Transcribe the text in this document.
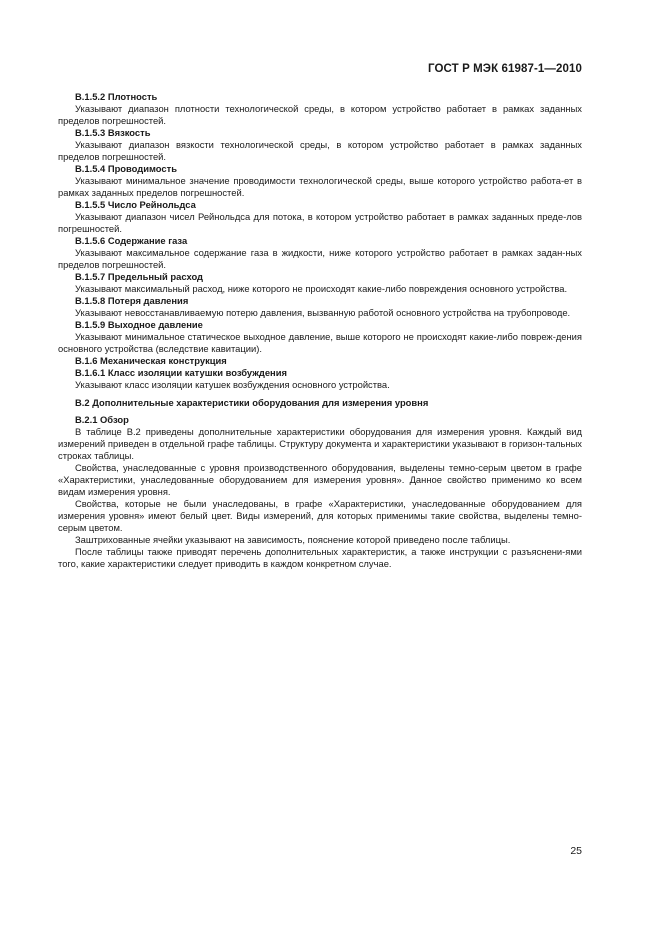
ГОСТ Р МЭК 61987-1—2010

B.1.5.2 Плотность

Указывают диапазон плотности технологической среды, в котором устройство работает в рамках заданных пределов погрешностей.

B.1.5.3 Вязкость

Указывают диапазон вязкости технологической среды, в котором устройство работает в рамках заданных пределов погрешностей.

B.1.5.4 Проводимость

Указывают минимальное значение проводимости технологической среды, выше которого устройство работа-ет в рамках заданных пределов погрешностей.

B.1.5.5 Число Рейнольдса

Указывают диапазон чисел Рейнольдса для потока, в котором устройство работает в рамках заданных преде-лов погрешностей.

B.1.5.6 Содержание газа

Указывают максимальное содержание газа в жидкости, ниже которого устройство работает в рамках задан-ных пределов погрешностей.

B.1.5.7 Предельный расход

Указывают максимальный расход, ниже которого не происходят какие-либо повреждения основного устройства.

B.1.5.8 Потеря давления

Указывают невосстанавливаемую потерю давления, вызванную работой основного устройства на трубопроводе.

B.1.5.9 Выходное давление

Указывают минимальное статическое выходное давление, выше которого не происходят какие-либо повреж-дения основного устройства (вследствие кавитации).

B.1.6 Механическая конструкция

B.1.6.1 Класс изоляции катушки возбуждения

Указывают класс изоляции катушек возбуждения основного устройства.

B.2 Дополнительные характеристики оборудования для измерения уровня

B.2.1 Обзор

В таблице B.2 приведены дополнительные характеристики оборудования для измерения уровня. Каждый вид измерений приведен в отдельной графе таблицы. Структуру документа и характеристики указывают в горизон-тальных строках таблицы.

Свойства, унаследованные с уровня производственного оборудования, выделены темно-серым цветом в графе «Характеристики, унаследованные оборудованием для измерения уровня». Данное свойство применимо ко всем видам измерения уровня.

Свойства, которые не были унаследованы, в графе «Характеристики, унаследованные оборудованием для измерения уровня» имеют белый цвет. Виды измерений, для которых применимы такие свойства, выделены темно-серым цветом.

Заштрихованные ячейки указывают на зависимость, пояснение которой приведено после таблицы.

После таблицы также приводят перечень дополнительных характеристик, а также инструкции с разъяснени-ями того, какие характеристики следует приводить в каждом конкретном случае.

25
